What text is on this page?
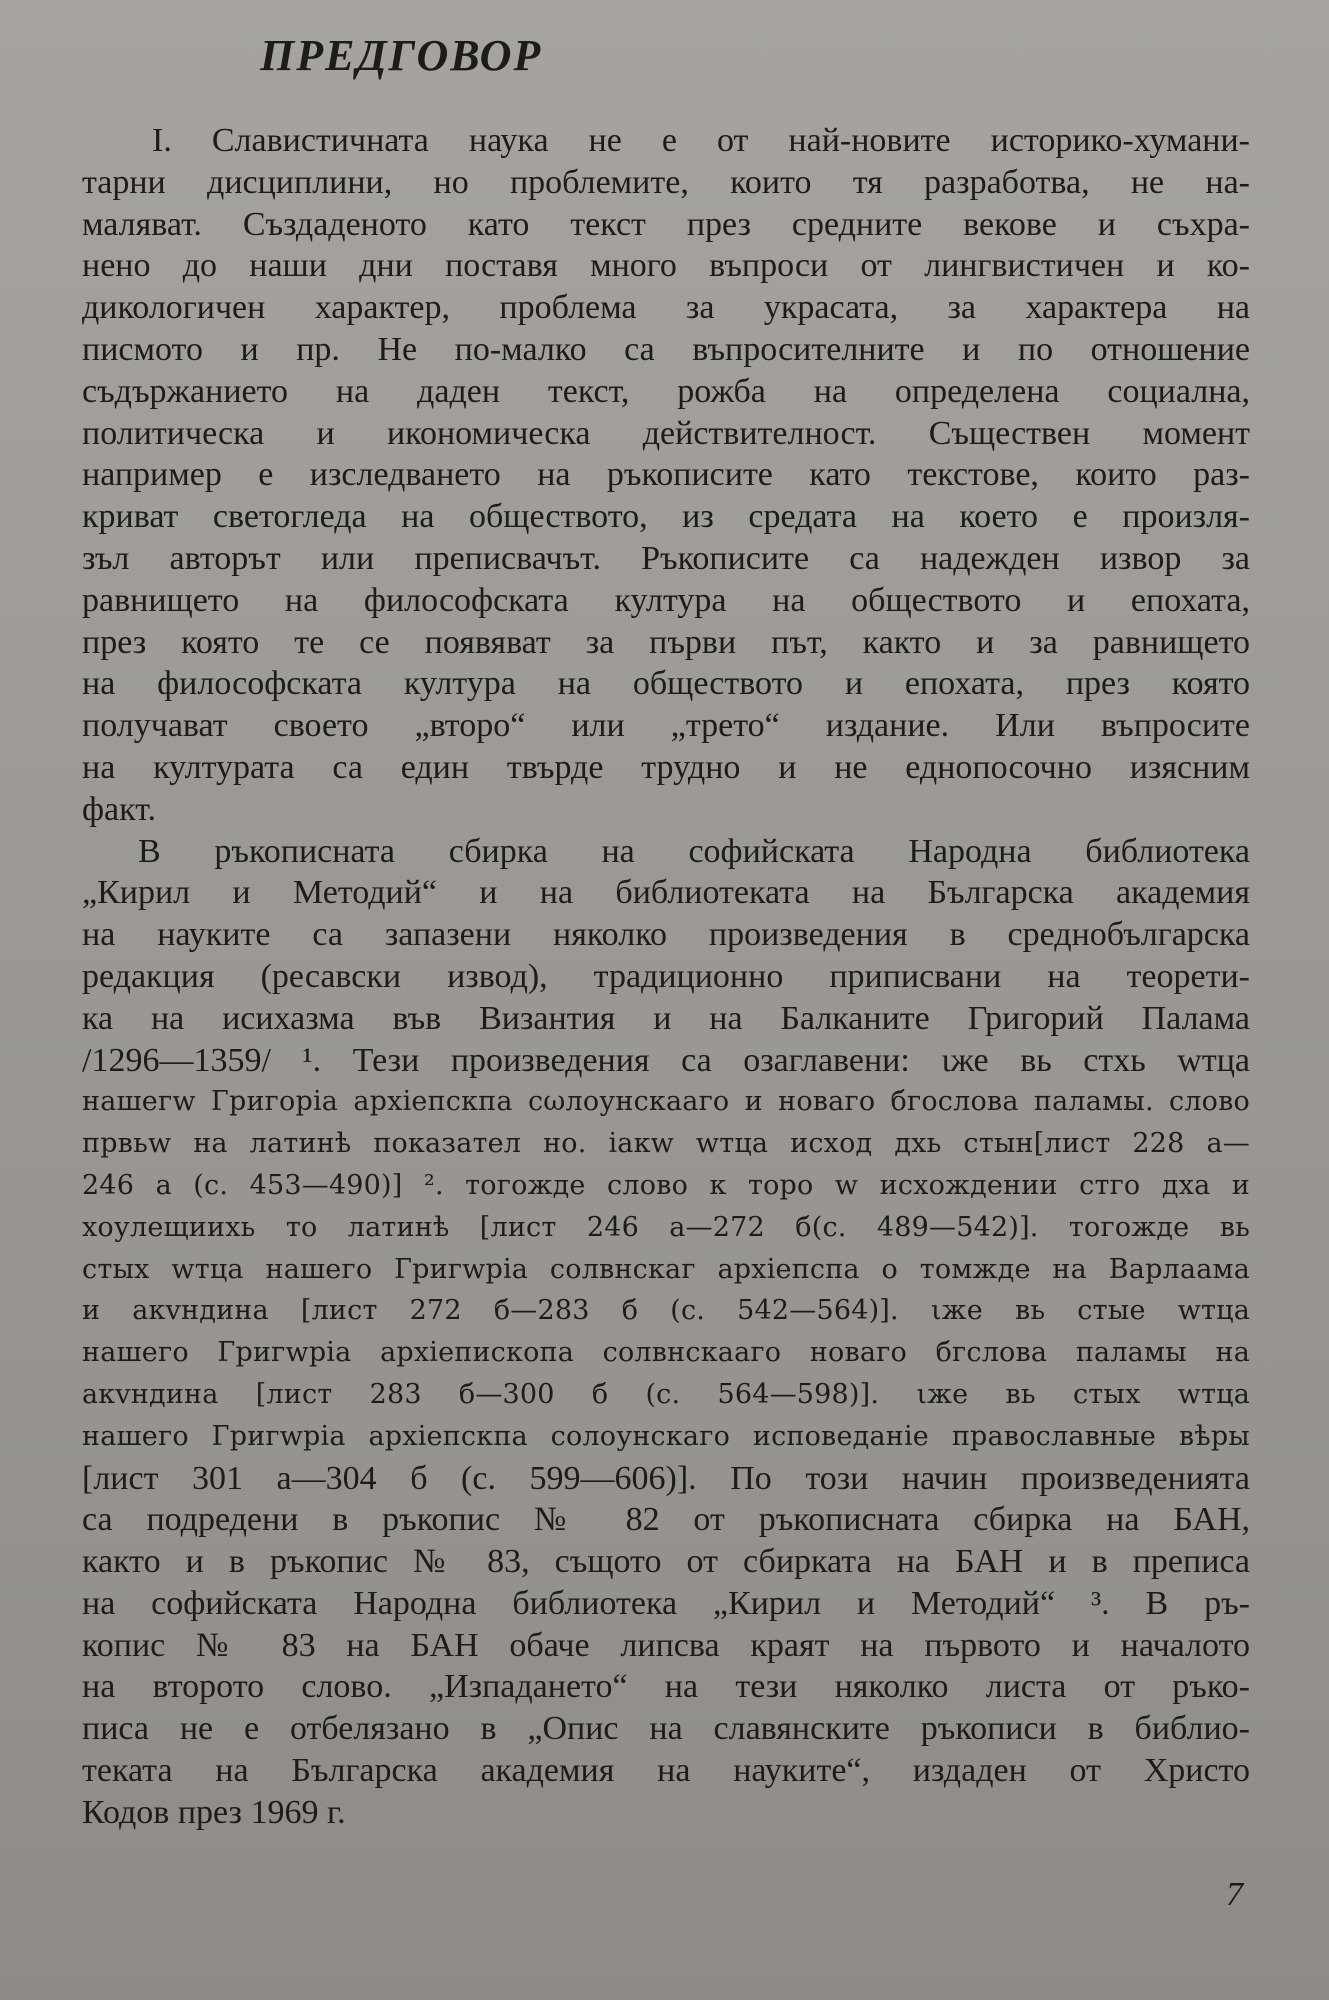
ПРЕДГОВОР
I. Славистичната наука не е от най-новите историко-хумани-
тарни дисциплини, но проблемите, които тя разработва, не на-
маляват. Създаденото като текст през средните векове и съхра-
нено до наши дни поставя много въпроси от лингвистичен и ко-
дикологичен характер, проблема за украсата, за характера на
писмото и пр. Не по-малко са въпросителните и по отношение
съдържанието на даден текст, рожба на определена социална,
политическа и икономическа действителност. Съществен момент
например е изследването на ръкописите като текстове, които раз-
криват светогледа на обществото, из средата на което е произля-
зъл авторът или преписвачът. Ръкописите са надежден извор за
равнището на философската култура на обществото и епохата,
през която те се появяват за първи път, както и за равнището
на философската култура на обществото и епохата, през която
получават своето „второ“ или „трето“ издание. Или въпросите
на културата са един твърде трудно и не еднопосочно изясним
факт.
В ръкописната сбирка на софийската Народна библиотека
„Кирил и Методий“ и на библиотеката на Българска академия
на науките са запазени няколко произведения в среднобългарска
редакция (ресавски извод), традиционно приписвани на теорети-
ка на исихазма във Византия и на Балканите Григорий Палама
/1296—1359/ ¹. Тези произведения са озаглавени: ιже вь стхь wтца
нашегw Григорiа архiепскпа сωлоунскааго и новаго бгослова паламы. слово
првьw на латинѣ показател но. iакw wтца исход дхь стын[лист 228 а—
246 а (с. 453—490)] ². тогожде слово к торо w исхождении стго дха и
хоулещиихь то латинѣ [лист 246 а—272 б(с. 489—542)]. тогожде вь
стых wтца нашего Григwрiа солвнскаг архiепспа о томжде на Варлаама
и акvндина [лист 272 б—283 б (с. 542—564)]. ιже вь стые wтца
нашего Григwрiа архiепископа солвнскааго новаго бгслова паламы на
акvндина [лист 283 б—300 б (с. 564—598)]. ιже вь стых wтца
нашего Григwрiа архiепскпа солоунскаго исповеданiе православные вѣры
[лист 301 а—304 б (с. 599—606)]. По този начин произведенията
са подредени в ръкопис № 82 от ръкописната сбирка на БАН,
както и в ръкопис № 83, същото от сбирката на БАН и в преписа
на софийската Народна библиотека „Кирил и Методий“ ³. В ръ-
копис № 83 на БАН обаче липсва краят на първото и началото
на второто слово. „Изпадането“ на тези няколко листа от ръко-
писа не е отбелязано в „Опис на славянските ръкописи в библио-
теката на Българска академия на науките“, издаден от Христо
Кодов през 1969 г.
7
